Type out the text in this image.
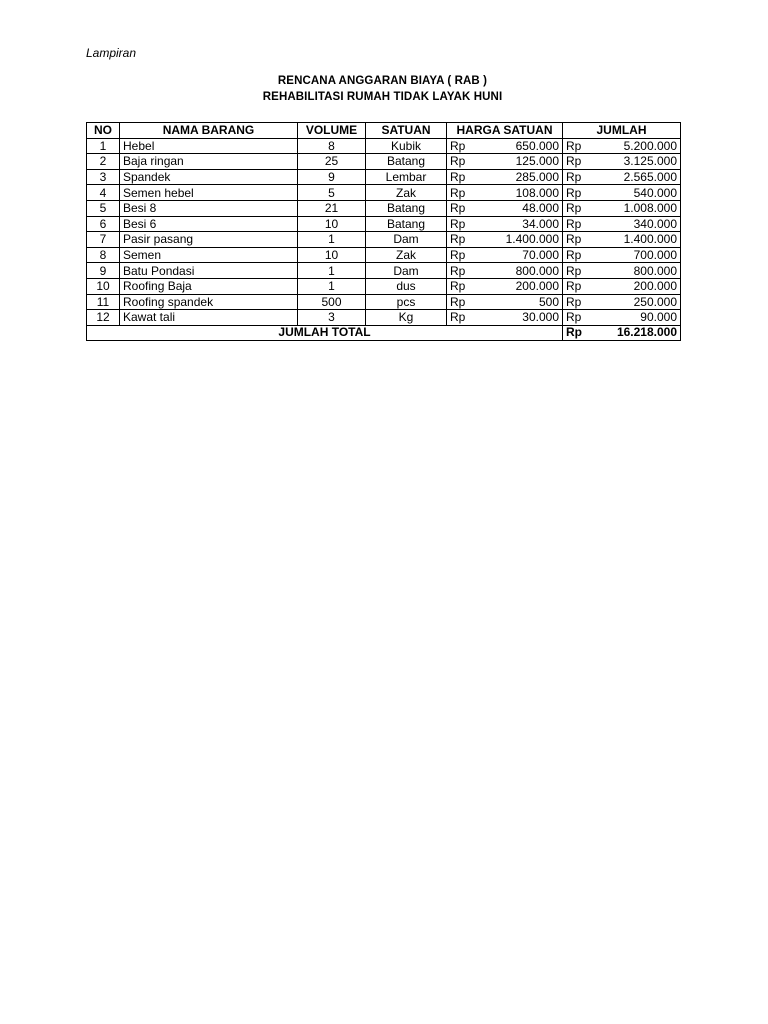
Lampiran
RENCANA ANGGARAN BIAYA ( RAB )
REHABILITASI RUMAH TIDAK LAYAK HUNI
NO	NAMA BARANG	VOLUME	SATUAN	HARGA SATUAN		JUMLAH	
1	Hebel	8	Kubik	Rp	650.000	Rp	5.200.000
2	Baja ringan	25	Batang	Rp	125.000	Rp	3.125.000
3	Spandek	9	Lembar	Rp	285.000	Rp	2.565.000
4	Semen hebel	5	Zak	Rp	108.000	Rp	540.000
5	Besi 8	21	Batang	Rp	48.000	Rp	1.008.000
6	Besi 6	10	Batang	Rp	34.000	Rp	340.000
7	Pasir pasang	1	Dam	Rp	1.400.000	Rp	1.400.000
8	Semen	10	Zak	Rp	70.000	Rp	700.000
9	Batu Pondasi	1	Dam	Rp	800.000	Rp	800.000
10	Roofing Baja	1	dus	Rp	200.000	Rp	200.000
11	Roofing spandek	500	pcs	Rp	500	Rp	250.000
12	Kawat tali	3	Kg	Rp	30.000	Rp	90.000
JUMLAH TOTAL						Rp	16.218.000
